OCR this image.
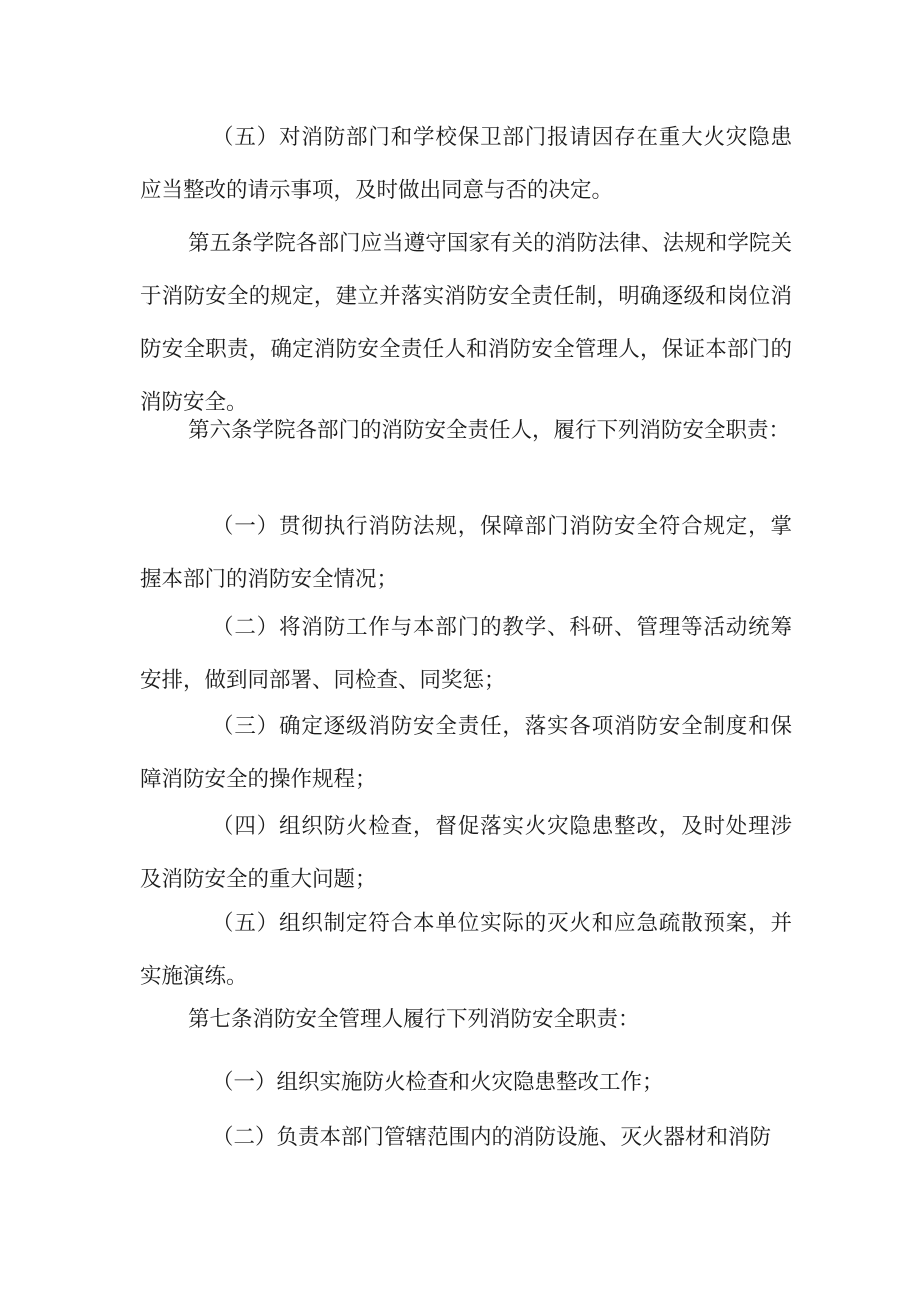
（五）对消防部门和学校保卫部门报请因存在重大火灾隐患应当整改的请示事项，及时做出同意与否的决定。

第五条学院各部门应当遵守国家有关的消防法律、法规和学院关于消防安全的规定，建立并落实消防安全责任制，明确逐级和岗位消防安全职责，确定消防安全责任人和消防安全管理人，保证本部门的消防安全。

第六条学院各部门的消防安全责任人，履行下列消防安全职责：

（一）贯彻执行消防法规，保障部门消防安全符合规定，掌握本部门的消防安全情况；

（二）将消防工作与本部门的教学、科研、管理等活动统筹安排，做到同部署、同检查、同奖惩；

（三）确定逐级消防安全责任，落实各项消防安全制度和保障消防安全的操作规程；

（四）组织防火检查，督促落实火灾隐患整改，及时处理涉及消防安全的重大问题；

（五）组织制定符合本单位实际的灭火和应急疏散预案，并实施演练。

第七条消防安全管理人履行下列消防安全职责：

（一）组织实施防火检查和火灾隐患整改工作；

（二）负责本部门管辖范围内的消防设施、灭火器材和消防
